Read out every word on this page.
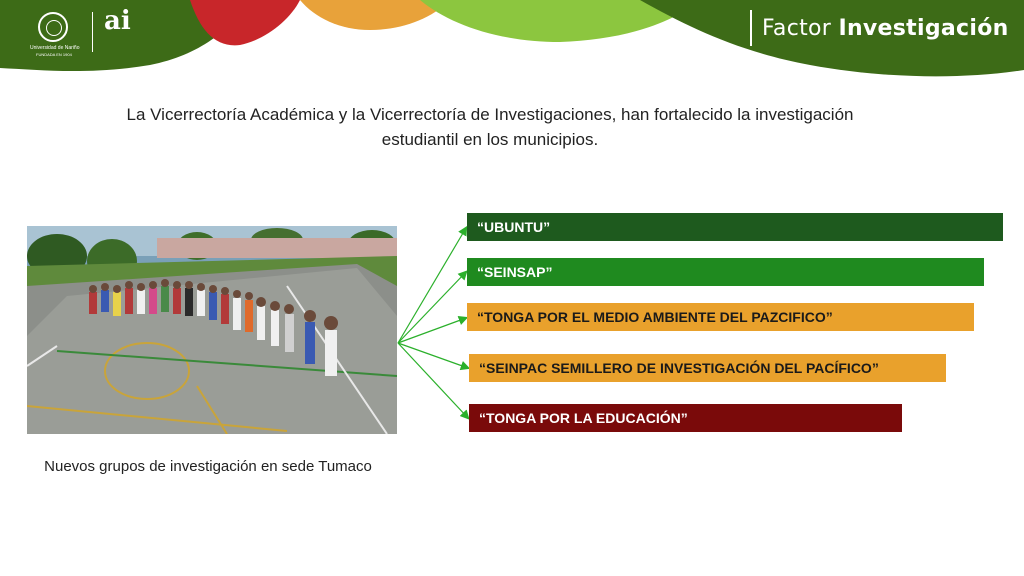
Universidad de Nariño
FUNDADA EN 1904
ai	Factor Investigación
La Vicerrectoría Académica y la Vicerrectoría de Investigaciones, han fortalecido la investigación estudiantil en los municipios.
Nuevos grupos de investigación en sede Tumaco
“UBUNTU”
“SEINSAP”
“TONGA POR EL MEDIO AMBIENTE DEL PAZCIFICO”
“SEINPAC SEMILLERO DE INVESTIGACIÓN DEL PACÍFICO”
“TONGA POR LA EDUCACIÓN”
